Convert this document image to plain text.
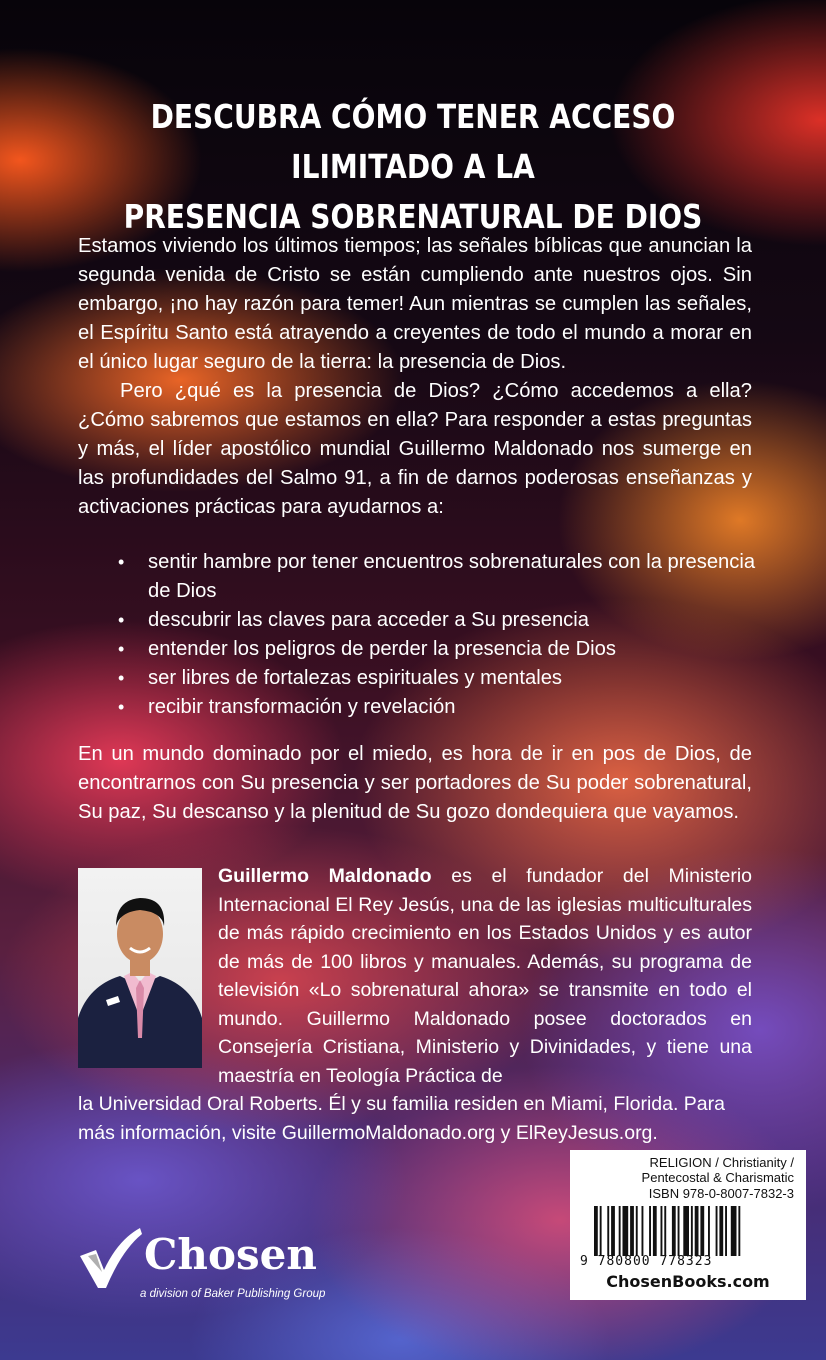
DESCUBRA CÓMO TENER ACCESO ILIMITADO A LA
PRESENCIA SOBRENATURAL DE DIOS

Estamos viviendo los últimos tiempos; las señales bíblicas que anuncian la segunda venida de Cristo se están cumpliendo ante nuestros ojos. Sin embargo, ¡no hay razón para temer! Aun mientras se cumplen las señales, el Espíritu Santo está atrayendo a creyentes de todo el mundo a morar en el único lugar seguro de la tierra: la presencia de Dios.

Pero ¿qué es la presencia de Dios? ¿Cómo accedemos a ella? ¿Cómo sabremos que estamos en ella? Para responder a estas preguntas y más, el líder apostólico mundial Guillermo Maldonado nos sumerge en las profundidades del Salmo 91, a fin de darnos poderosas enseñanzas y activaciones prácticas para ayudarnos a:

• sentir hambre por tener encuentros sobrenaturales con la presencia de Dios
• descubrir las claves para acceder a Su presencia
• entender los peligros de perder la presencia de Dios
• ser libres de fortalezas espirituales y mentales
• recibir transformación y revelación

En un mundo dominado por el miedo, es hora de ir en pos de Dios, de encontrarnos con Su presencia y ser portadores de Su poder sobrenatural, Su paz, Su descanso y la plenitud de Su gozo dondequiera que vayamos.

Guillermo Maldonado es el fundador del Ministerio Internacional El Rey Jesús, una de las iglesias multiculturales de más rápido crecimiento en los Estados Unidos y es autor de más de 100 libros y manuales. Además, su programa de televisión «Lo sobrenatural ahora» se transmite en todo el mundo. Guillermo Maldonado posee doctorados en Consejería Cristiana, Ministerio y Divinidades, y tiene una maestría en Teología Práctica de

la Universidad Oral Roberts. Él y su familia residen en Miami, Florida. Para más información, visite GuillermoMaldonado.org y ElReyJesus.org.

Chosen

a division of Baker Publishing Group

RELIGION / Christianity /
Pentecostal & Charismatic
ISBN 978-0-8007-7832-3
9 780800 778323
ChosenBooks.com
